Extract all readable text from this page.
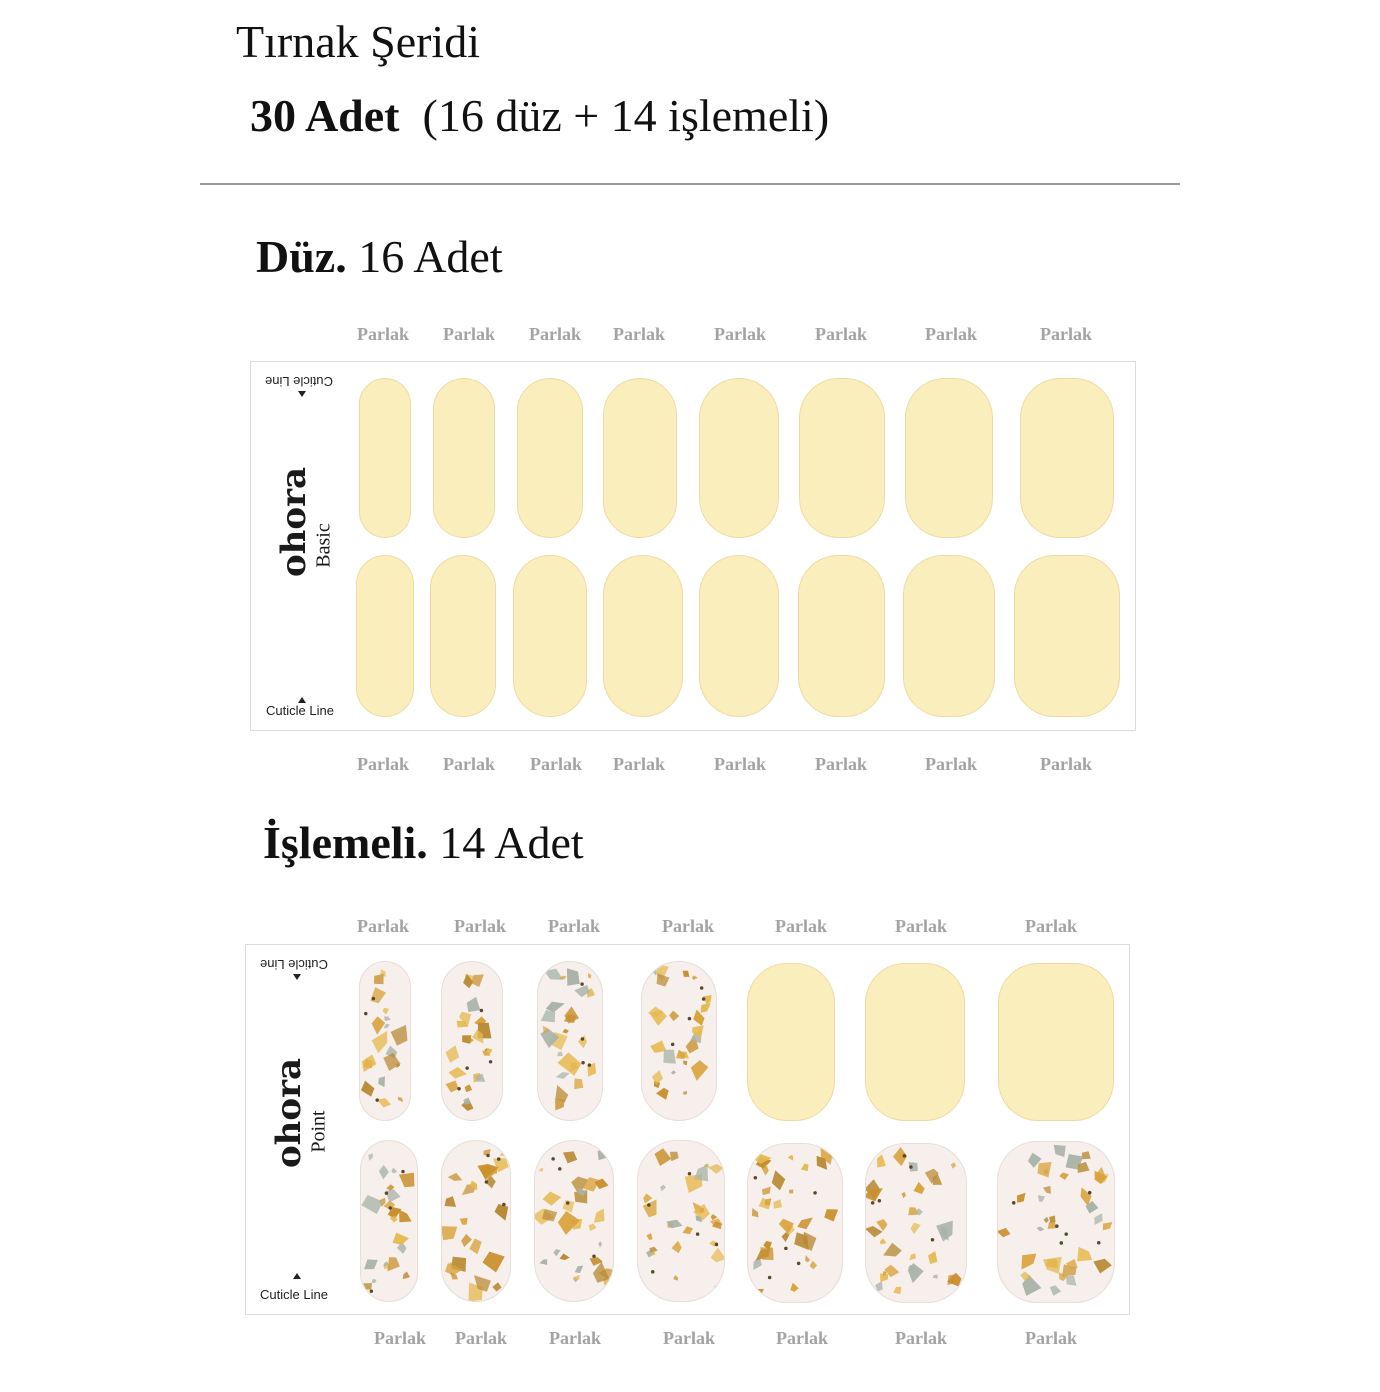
Tırnak Şeridi
30 Adet (16 düz + 14 işlemeli)
Düz. 16 Adet
Parlak Parlak Parlak Parlak	Parlak	Parlak	Parlak	Parlak
Parlak Parlak Parlak Parlak	Parlak	Parlak	Parlak	Parlak
Cuticle Line
ohora
Basic
Cuticle Line
İşlemeli. 14 Adet
Parlak	Parlak Parlak	Parlak	Parlak	Parlak	Parlak
Parlak Parlak Parlak	Parlak	Parlak	Parlak	Parlak
Cuticle Line
ohora
Point
Cuticle Line
